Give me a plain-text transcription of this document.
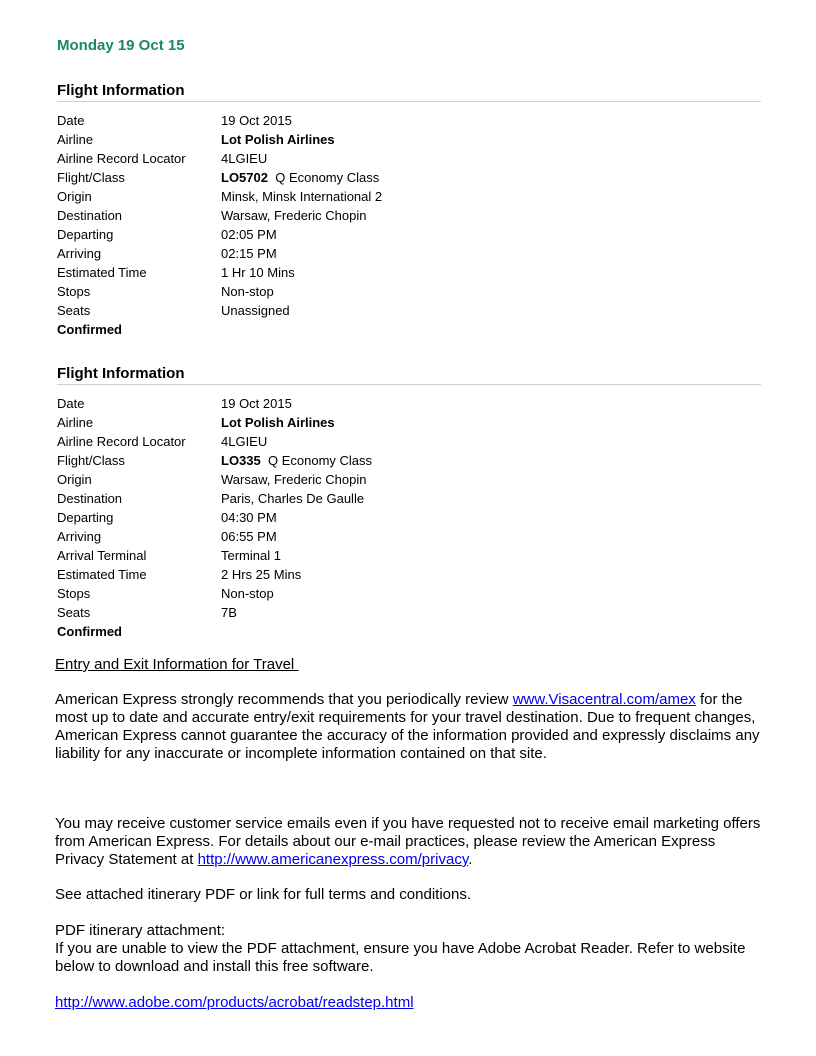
Monday 19 Oct 15
Flight Information
Date	19 Oct 2015
Airline	Lot Polish Airlines
Airline Record Locator	4LGIEU
Flight/Class	LO5702 Q Economy Class
Origin	Minsk, Minsk International 2
Destination	Warsaw, Frederic Chopin
Departing	02:05 PM
Arriving	02:15 PM
Estimated Time	1 Hr 10 Mins
Stops	Non-stop
Seats	Unassigned
Confirmed
Flight Information
Date	19 Oct 2015
Airline	Lot Polish Airlines
Airline Record Locator	4LGIEU
Flight/Class	LO335 Q Economy Class
Origin	Warsaw, Frederic Chopin
Destination	Paris, Charles De Gaulle
Departing	04:30 PM
Arriving	06:55 PM
Arrival Terminal	Terminal 1
Estimated Time	2 Hrs 25 Mins
Stops	Non-stop
Seats	7B
Confirmed
Entry and Exit Information for Travel
American Express strongly recommends that you periodically review www.Visacentral.com/amex for the most up to date and accurate entry/exit requirements for your travel destination. Due to frequent changes, American Express cannot guarantee the accuracy of the information provided and expressly disclaims any liability for any inaccurate or incomplete information contained on that site.
You may receive customer service emails even if you have requested not to receive email marketing offers from American Express. For details about our e-mail practices, please review the American Express Privacy Statement at http://www.americanexpress.com/privacy.
See attached itinerary PDF or link for full terms and conditions.
PDF itinerary attachment:
If you are unable to view the PDF attachment, ensure you have Adobe Acrobat Reader. Refer to website below to download and install this free software.
http://www.adobe.com/products/acrobat/readstep.html
